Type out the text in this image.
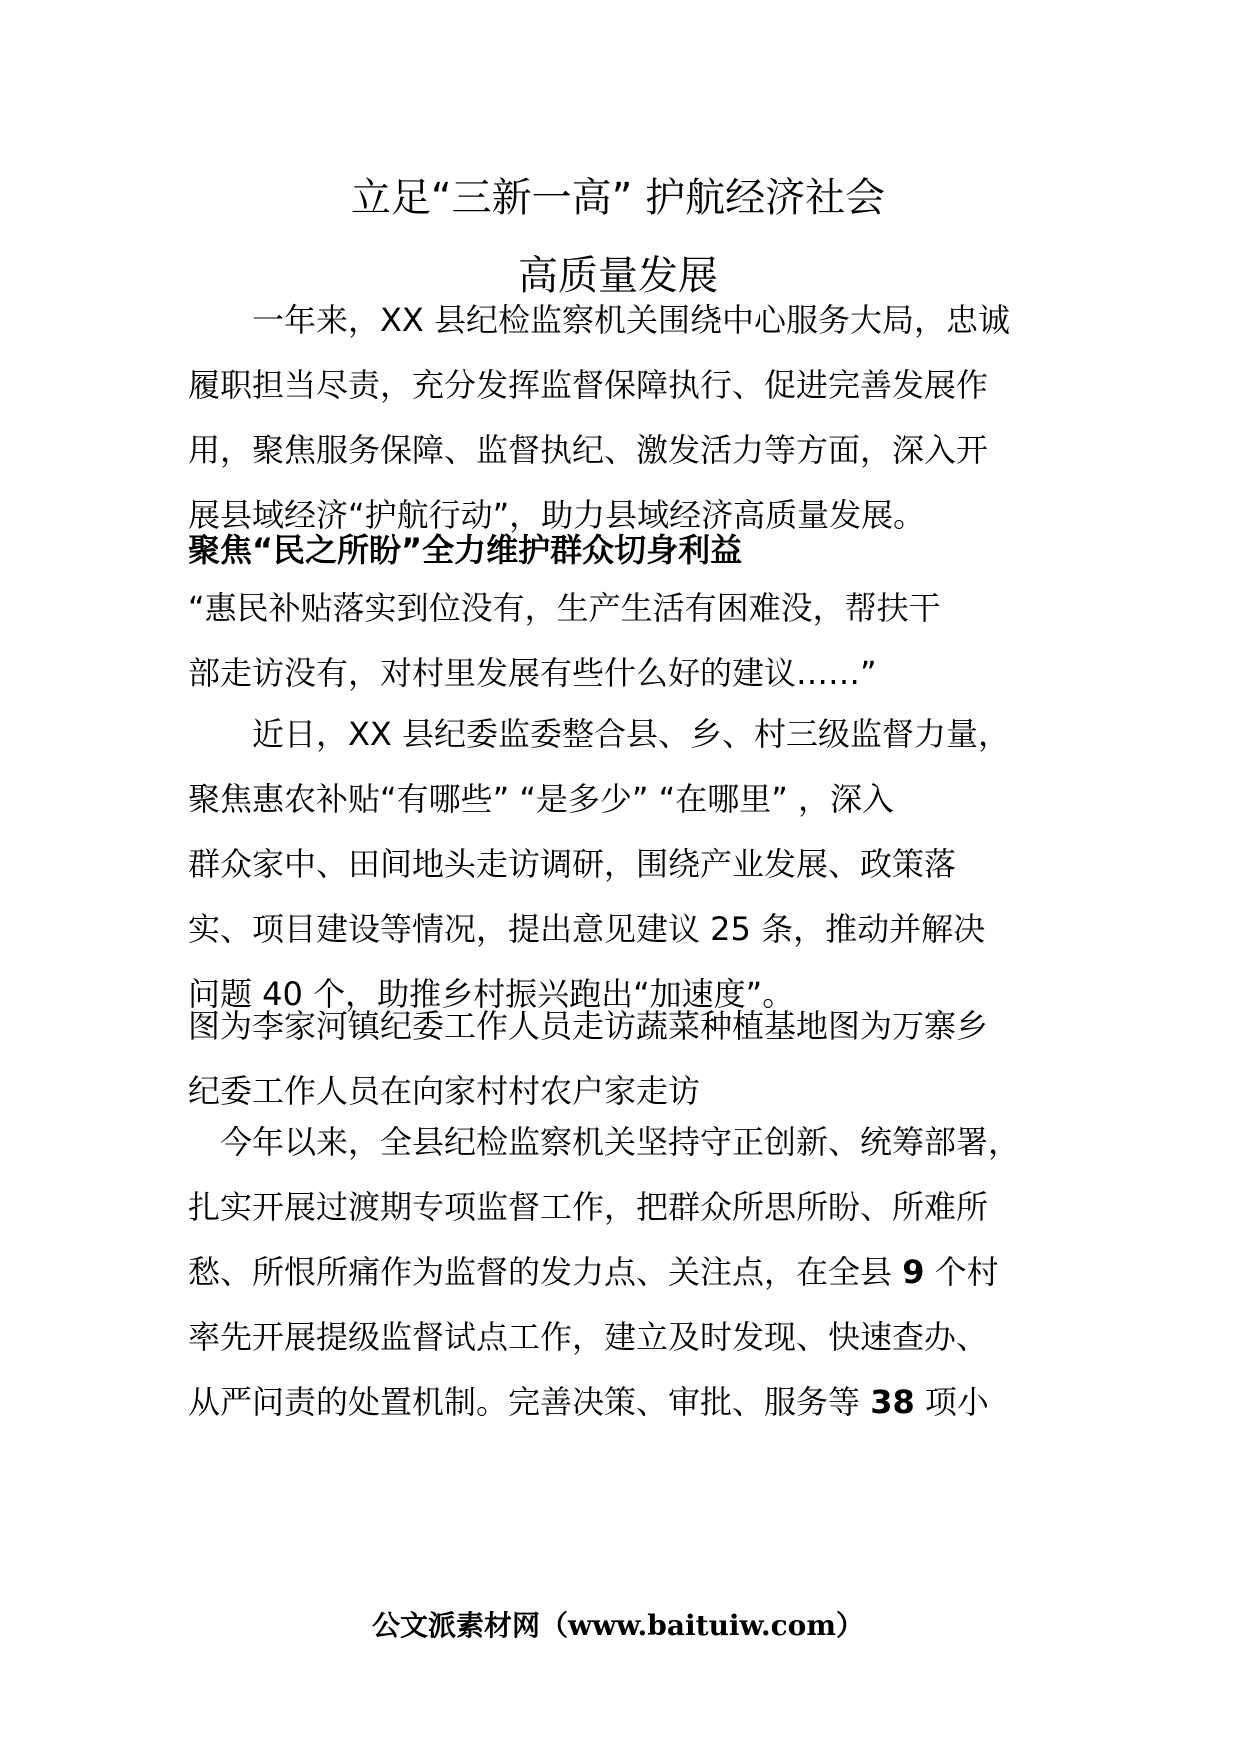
立足“三新一高” 护航经济社会
高质量发展
　　一年来，XX 县纪检监察机关围绕中心服务大局，忠诚
履职担当尽责，充分发挥监督保障执行、促进完善发展作
用，聚焦服务保障、监督执纪、激发活力等方面，深入开
展县域经济“护航行动”，助力县域经济高质量发展。
聚焦“民之所盼”全力维护群众切身利益
“惠民补贴落实到位没有，生产生活有困难没，帮扶干
部走访没有，对村里发展有些什么好的建议……”
　　近日，XX 县纪委监委整合县、乡、村三级监督力量，
聚焦惠农补贴“有哪些” “是多少” “在哪里” ，深入
群众家中、田间地头走访调研，围绕产业发展、政策落
实、项目建设等情况，提出意见建议 25 条，推动并解决
问题 40 个，助推乡村振兴跑出“加速度”。
图为李家河镇纪委工作人员走访蔬菜种植基地图为万寨乡
纪委工作人员在向家村村农户家走访
　今年以来，全县纪检监察机关坚持守正创新、统筹部署，
扎实开展过渡期专项监督工作，把群众所思所盼、所难所
愁、所恨所痛作为监督的发力点、关注点，在全县 9 个村
率先开展提级监督试点工作，建立及时发现、快速查办、
从严问责的处置机制。完善决策、审批、服务等 38 项小
公文派素材网（www.baituiw.com）
